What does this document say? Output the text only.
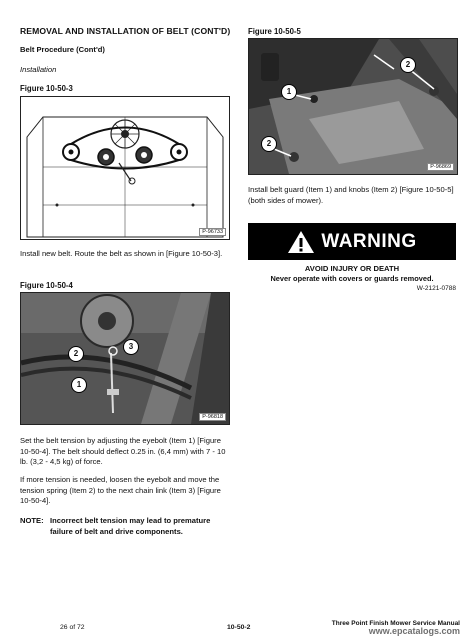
REMOVAL AND INSTALLATION OF BELT (CONT'D)
Belt Procedure (Cont'd)
Installation
Figure 10-50-3
P-96733
Install new belt. Route the belt as shown in [Figure 10-50-3].
Figure 10-50-4
2
3
1
P-96818
Set the belt tension by adjusting the eyebolt (Item 1) [Figure 10-50-4]. The belt should deflect 0.25 in. (6,4 mm) with 7 - 10 lb. (3,2 - 4,5 kg) of force.
If more tension is needed, loosen the eyebolt and move the tension spring (Item 2) to the next chain link (Item 3) [Figure 10-50-4].
NOTE: Incorrect belt tension may lead to premature failure of belt and drive components.
Figure 10-50-5
2
1
2
P-96869
Install belt guard (Item 1) and knobs (Item 2) [Figure 10-50-5] (both sides of mower).
WARNING
AVOID INJURY OR DEATH
Never operate with covers or guards removed.
W-2121-0788
26 of 72	10-50-2
Three Point Finish Mower Service Manual
www.epcatalogs.com
